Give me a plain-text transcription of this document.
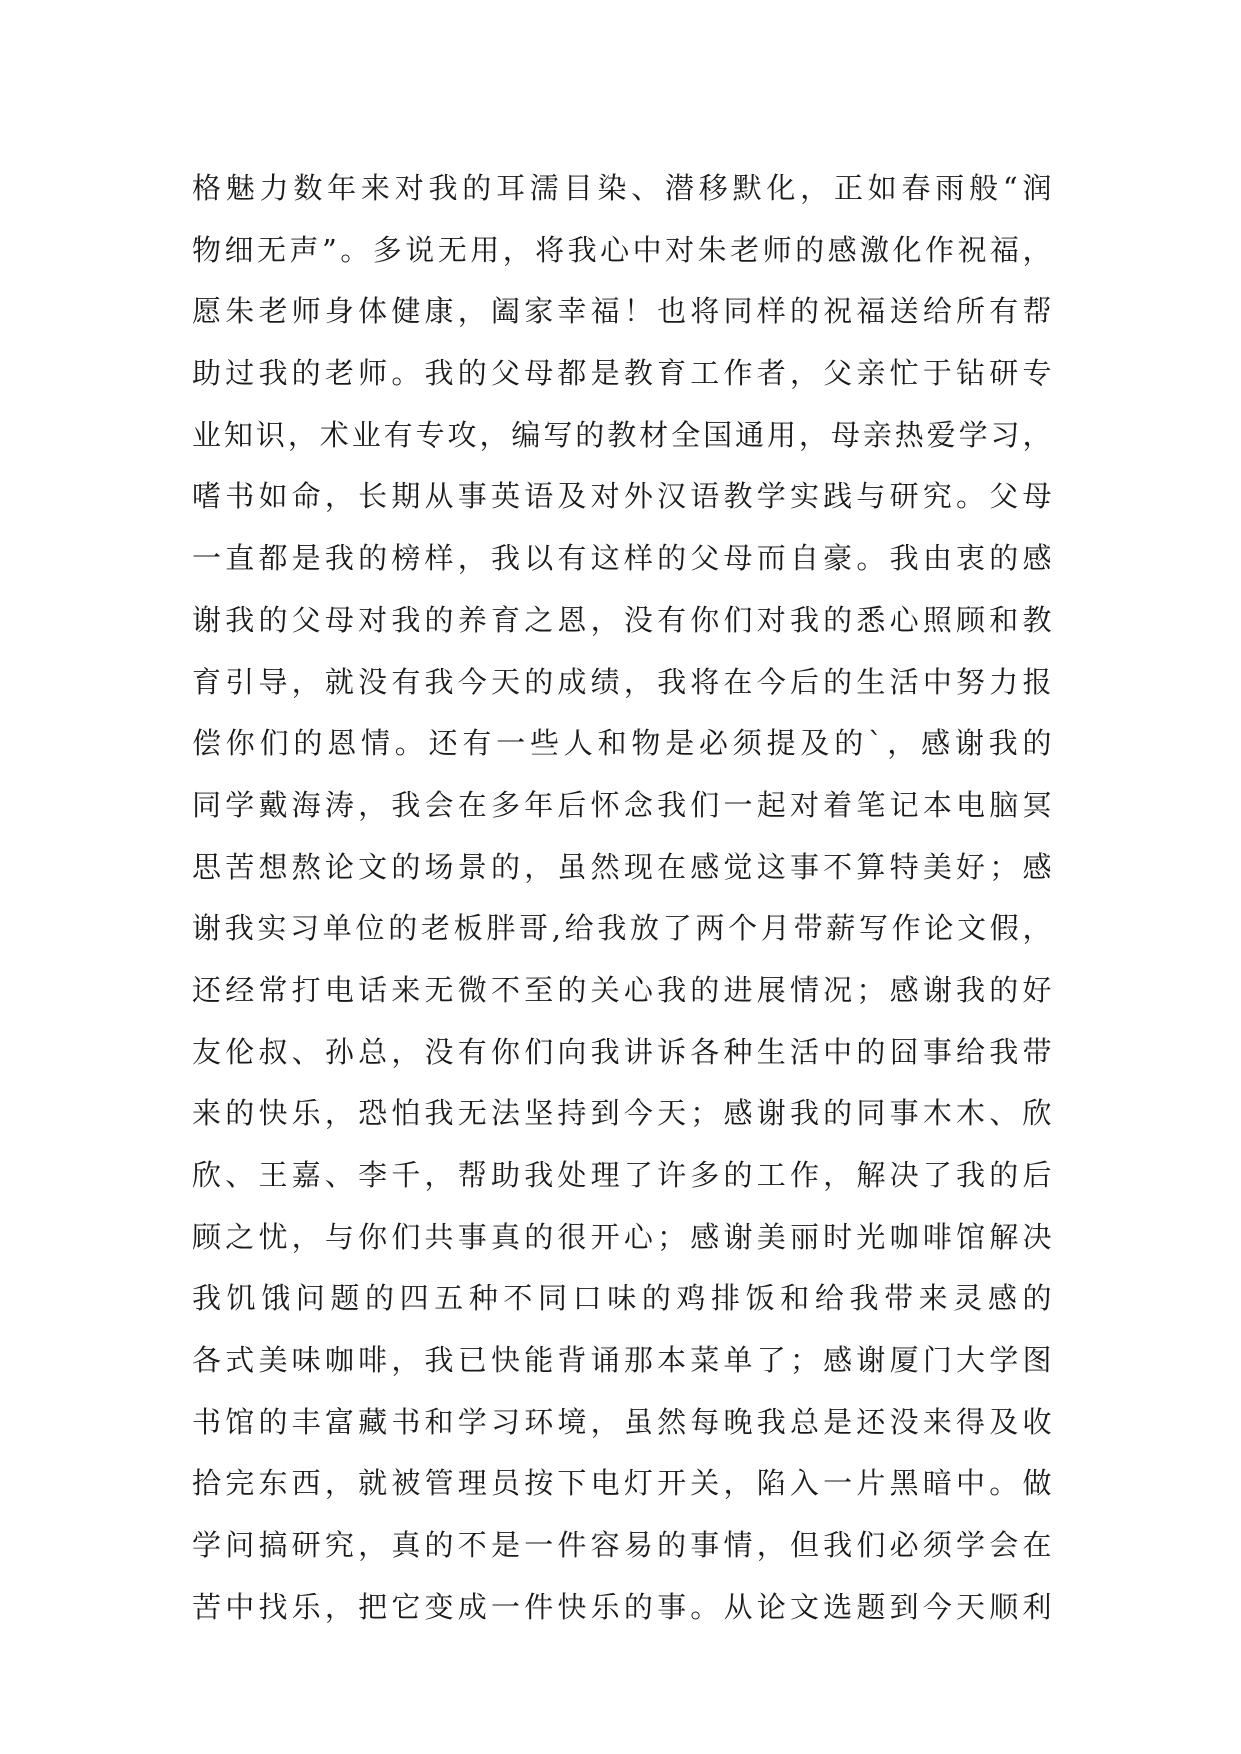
格魅力数年来对我的耳濡目染、潜移默化，正如春雨般“润
物细无声”。多说无用，将我心中对朱老师的感激化作祝福，
愿朱老师身体健康，阖家幸福！也将同样的祝福送给所有帮
助过我的老师。我的父母都是教育工作者，父亲忙于钻研专
业知识，术业有专攻，编写的教材全国通用，母亲热爱学习，
嗜书如命，长期从事英语及对外汉语教学实践与研究。父母
一直都是我的榜样，我以有这样的父母而自豪。我由衷的感
谢我的父母对我的养育之恩，没有你们对我的悉心照顾和教
育引导，就没有我今天的成绩，我将在今后的生活中努力报
偿你们的恩情。还有一些人和物是必须提及的`，感谢我的
同学戴海涛，我会在多年后怀念我们一起对着笔记本电脑冥
思苦想熬论文的场景的，虽然现在感觉这事不算特美好；感
谢我实习单位的老板胖哥,给我放了两个月带薪写作论文假，
还经常打电话来无微不至的关心我的进展情况；感谢我的好
友伦叔、孙总，没有你们向我讲诉各种生活中的囧事给我带
来的快乐，恐怕我无法坚持到今天；感谢我的同事木木、欣
欣、王嘉、李千，帮助我处理了许多的工作，解决了我的后
顾之忧，与你们共事真的很开心；感谢美丽时光咖啡馆解决
我饥饿问题的四五种不同口味的鸡排饭和给我带来灵感的
各式美味咖啡，我已快能背诵那本菜单了；感谢厦门大学图
书馆的丰富藏书和学习环境，虽然每晚我总是还没来得及收
拾完东西，就被管理员按下电灯开关，陷入一片黑暗中。做
学问搞研究，真的不是一件容易的事情，但我们必须学会在
苦中找乐，把它变成一件快乐的事。从论文选题到今天顺利
